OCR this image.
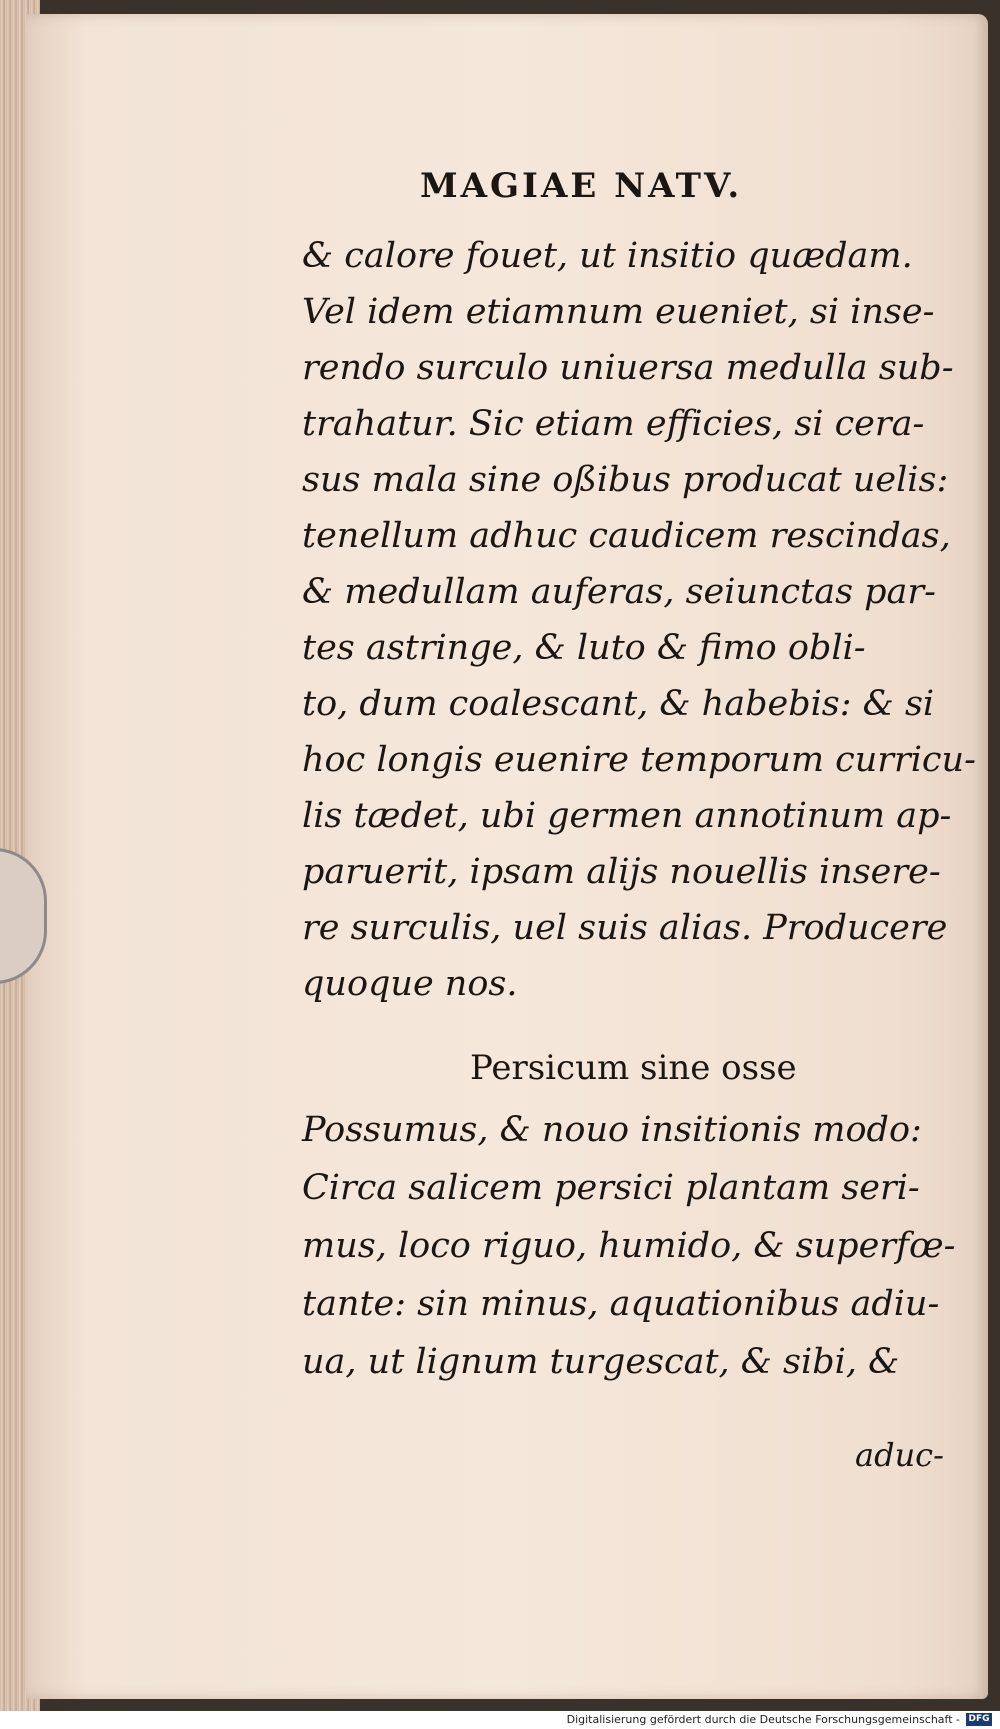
MAGIAE NATV.
& calore fouet, ut insitio quædam.
Vel idem etiamnum eueniet, si inse-
rendo surculo uniuersa medulla sub-
trahatur. Sic etiam efficies, si cera-
sus mala sine oßibus producat uelis:
tenellum adhuc caudicem rescindas,
& medullam auferas, seiunctas par-
tes astringe, & luto & fimo obli-
to, dum coalescant, & habebis: & si
hoc longis euenire temporum curricu-
lis tædet, ubi germen annotinum ap-
paruerit, ipsam alijs nouellis insere-
re surculis, uel suis alias. Producere
quoque nos.
Persicum sine osse
Possumus, & nouo insitionis modo:
Circa salicem persici plantam seri-
mus, loco riguo, humido, & superfœ-
tante: sin minus, aquationibus adiu-
ua, ut lignum turgescat, & sibi, &
aduc-
Digitalisierung gefördert durch die Deutsche Forschungsgemeinschaft - DFG
